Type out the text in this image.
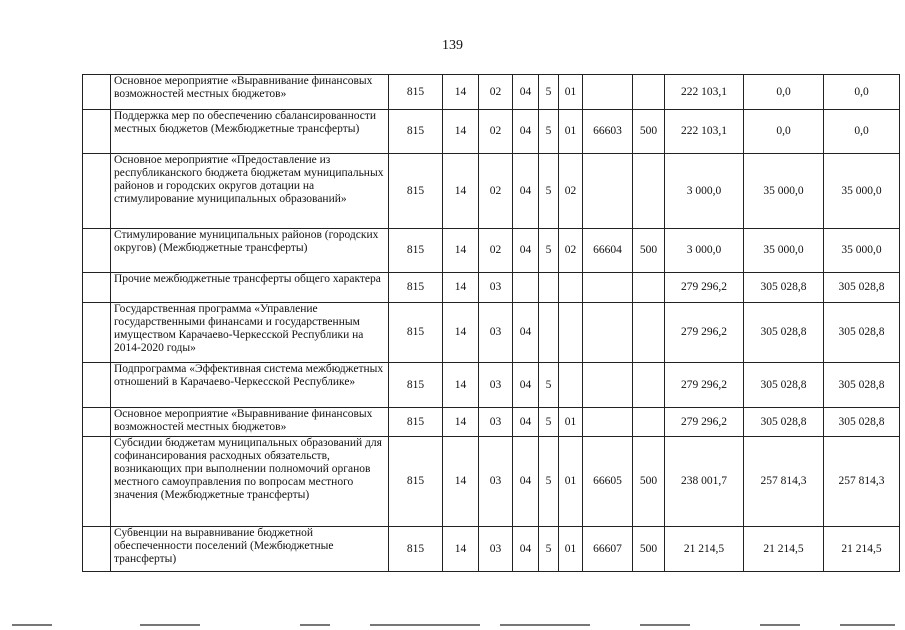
139
	Основное мероприятие «Выравнивание финансовых возможностей местных бюджетов»	815	14	02	04	5	01			222 103,1	0,0	0,0
	Поддержка мер по обеспечению сбалансированности местных бюджетов (Межбюджетные трансферты)	815	14	02	04	5	01	66603	500	222 103,1	0,0	0,0
	Основное мероприятие «Предоставление из республиканского бюджета бюджетам муниципальных районов и городских округов дотации на стимулирование муниципальных образований»	815	14	02	04	5	02			3 000,0	35 000,0	35 000,0
	Стимулирование муниципальных районов (городских округов) (Межбюджетные трансферты)	815	14	02	04	5	02	66604	500	3 000,0	35 000,0	35 000,0
	Прочие межбюджетные трансферты общего характера	815	14	03						279 296,2	305 028,8	305 028,8
	Государственная программа «Управление государственными финансами и государственным имуществом Карачаево-Черкесской Республики на 2014-2020 годы»	815	14	03	04					279 296,2	305 028,8	305 028,8
	Подпрограмма «Эффективная система межбюджетных отношений в Карачаево-Черкесской Республике»	815	14	03	04	5				279 296,2	305 028,8	305 028,8
	Основное мероприятие «Выравнивание финансовых возможностей местных бюджетов»	815	14	03	04	5	01			279 296,2	305 028,8	305 028,8
	Субсидии бюджетам муниципальных образований для софинансирования расходных обязательств, возникающих при выполнении полномочий органов местного самоуправления по вопросам местного значения (Межбюджетные трансферты)	815	14	03	04	5	01	66605	500	238 001,7	257 814,3	257 814,3
	Субвенции на выравнивание бюджетной обеспеченности поселений (Межбюджетные трансферты)	815	14	03	04	5	01	66607	500	21 214,5	21 214,5	21 214,5
